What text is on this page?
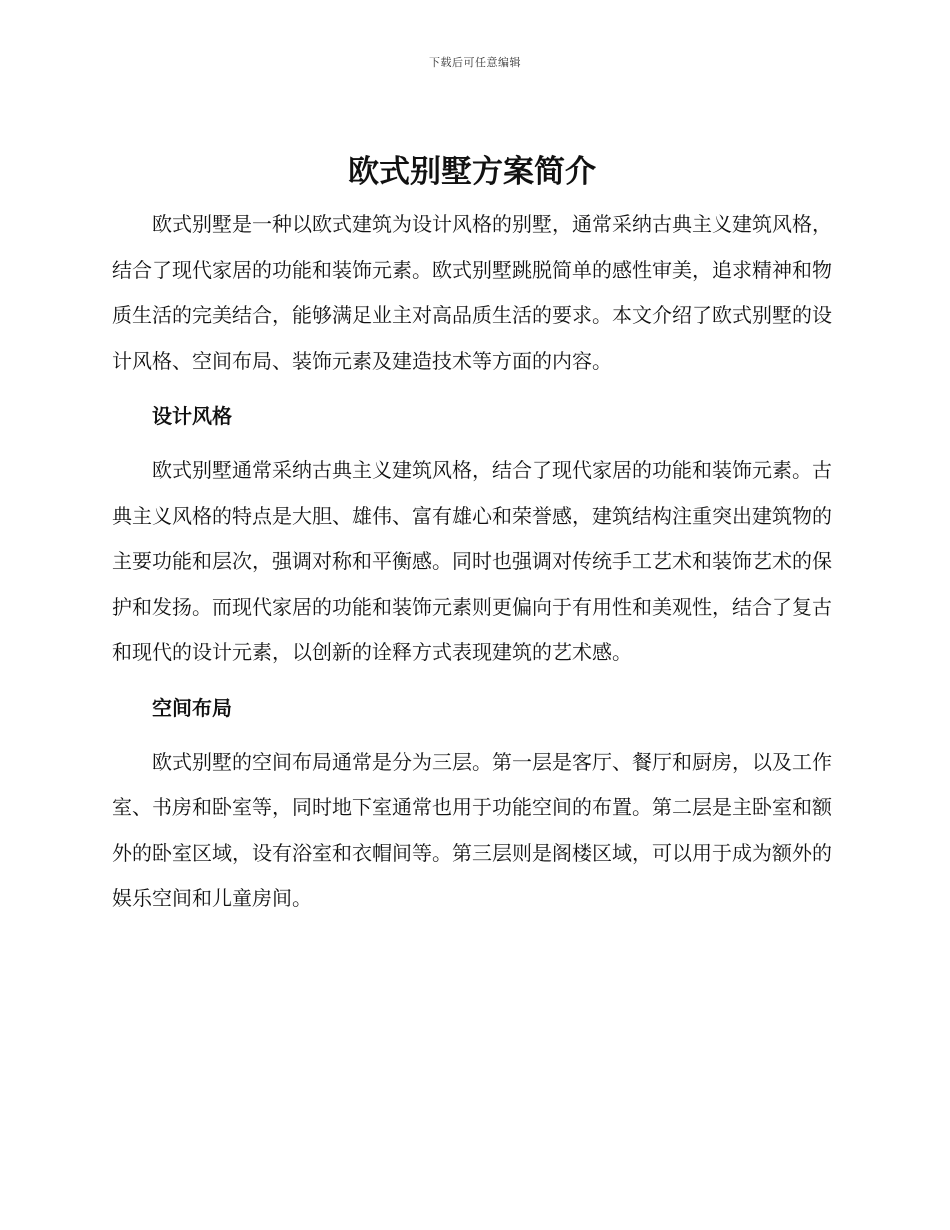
下载后可任意编辑
欧式别墅方案简介

欧式别墅是一种以欧式建筑为设计风格的别墅，通常采纳古典主义建筑风格，结合了现代家居的功能和装饰元素。欧式别墅跳脱简单的感性审美，追求精神和物质生活的完美结合，能够满足业主对高品质生活的要求。本文介绍了欧式别墅的设计风格、空间布局、装饰元素及建造技术等方面的内容。

设计风格

欧式别墅通常采纳古典主义建筑风格，结合了现代家居的功能和装饰元素。古典主义风格的特点是大胆、雄伟、富有雄心和荣誉感，建筑结构注重突出建筑物的主要功能和层次，强调对称和平衡感。同时也强调对传统手工艺术和装饰艺术的保护和发扬。而现代家居的功能和装饰元素则更偏向于有用性和美观性，结合了复古和现代的设计元素，以创新的诠释方式表现建筑的艺术感。

空间布局

欧式别墅的空间布局通常是分为三层。第一层是客厅、餐厅和厨房，以及工作室、书房和卧室等，同时地下室通常也用于功能空间的布置。第二层是主卧室和额外的卧室区域，设有浴室和衣帽间等。第三层则是阁楼区域，可以用于成为额外的娱乐空间和儿童房间。
